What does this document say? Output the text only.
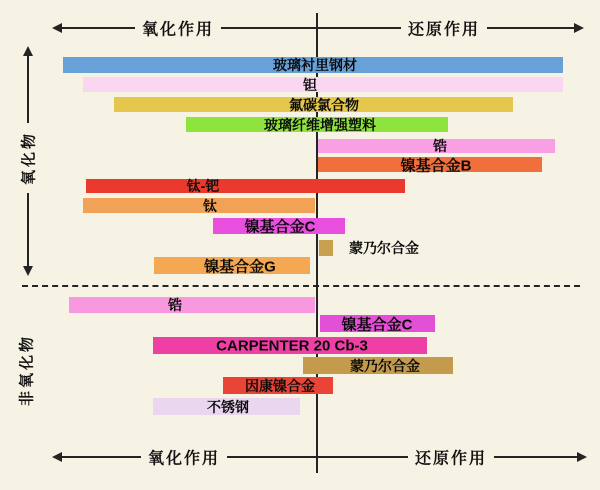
氧化作用	还原作用
氧化作用	还原作用
氧化物
非氧化物
玻璃衬里钢材
钽
氟碳氯合物
玻璃纤维增强塑料
锆
镍基合金B
钛-钯
钛
镍基合金C
蒙乃尔合金
镍基合金G
锆
镍基合金C
CARPENTER 20 Cb-3
蒙乃尔合金
因康镍合金
不锈钢
